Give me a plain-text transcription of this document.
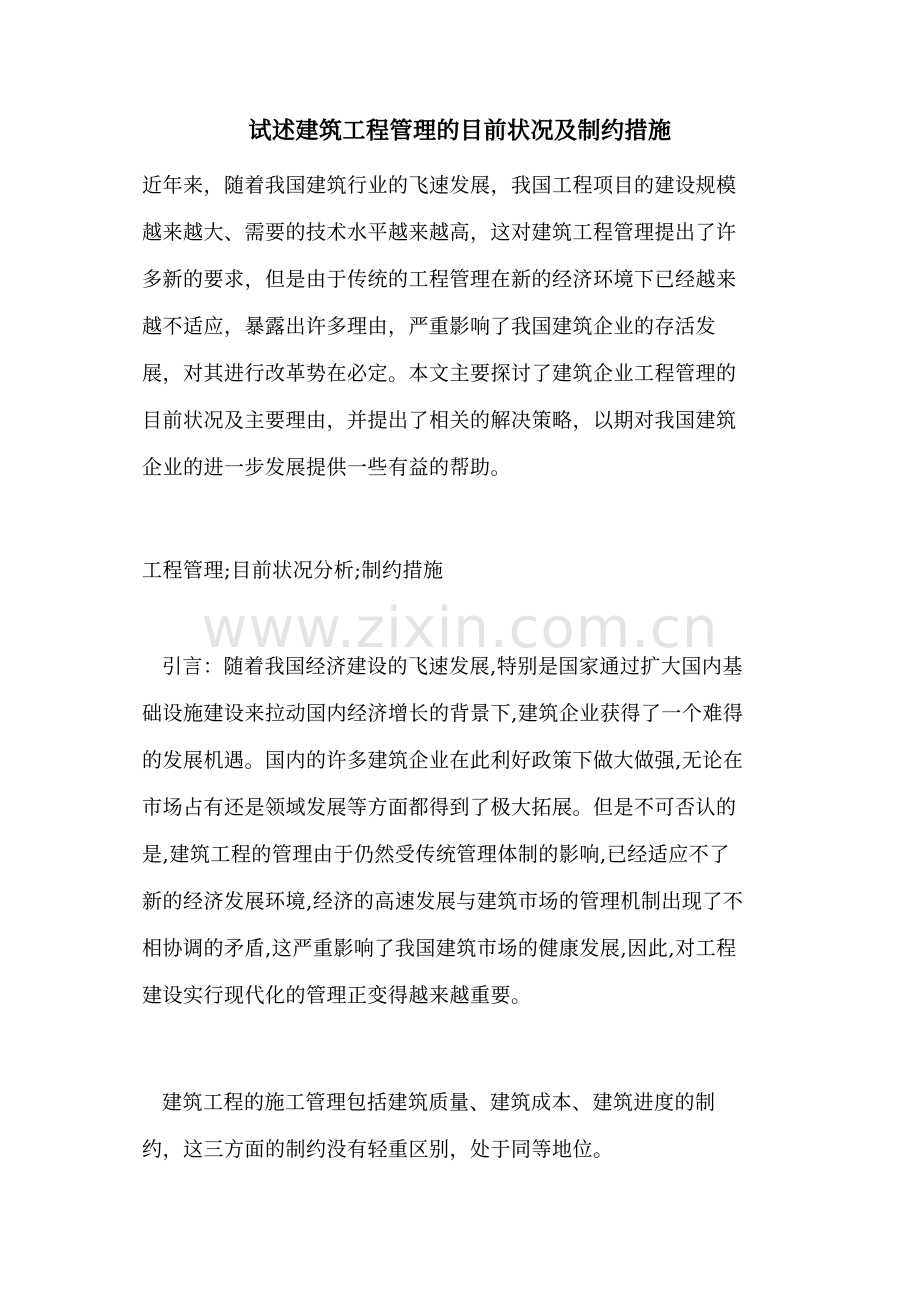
试述建筑工程管理的目前状况及制约措施
近年来，随着我国建筑行业的飞速发展，我国工程项目的建设规模
越来越大、需要的技术水平越来越高，这对建筑工程管理提出了许
多新的要求，但是由于传统的工程管理在新的经济环境下已经越来
越不适应，暴露出许多理由，严重影响了我国建筑企业的存活发
展，对其进行改革势在必定。本文主要探讨了建筑企业工程管理的
目前状况及主要理由，并提出了相关的解决策略，以期对我国建筑
企业的进一步发展提供一些有益的帮助。
工程管理;目前状况分析;制约措施
www.zixin.com.cn
引言：随着我国经济建设的飞速发展,特别是国家通过扩大国内基
础设施建设来拉动国内经济增长的背景下,建筑企业获得了一个难得
的发展机遇。国内的许多建筑企业在此利好政策下做大做强,无论在
市场占有还是领域发展等方面都得到了极大拓展。但是不可否认的
是,建筑工程的管理由于仍然受传统管理体制的影响,已经适应不了
新的经济发展环境,经济的高速发展与建筑市场的管理机制出现了不
相协调的矛盾,这严重影响了我国建筑市场的健康发展,因此,对工程
建设实行现代化的管理正变得越来越重要。
建筑工程的施工管理包括建筑质量、建筑成本、建筑进度的制
约，这三方面的制约没有轻重区别，处于同等地位。
